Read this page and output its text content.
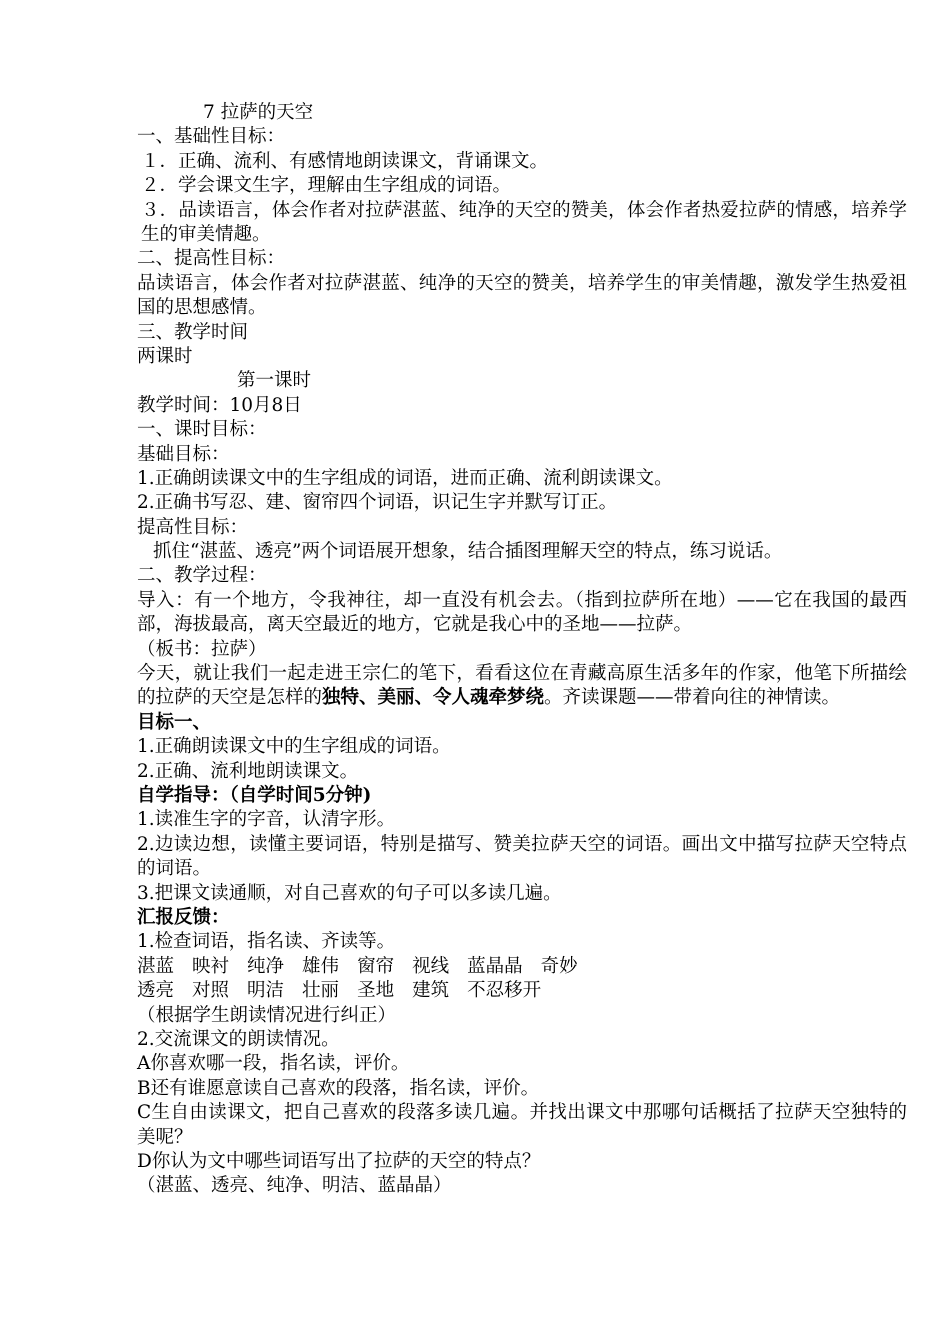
7 拉萨的天空
一、基础性目标：
１．正确、流利、有感情地朗读课文，背诵课文。
２．学会课文生字，理解由生字组成的词语。
３．品读语言，体会作者对拉萨湛蓝、纯净的天空的赞美，体会作者热爱拉萨的情感，培养学生的审美情趣。
二、提高性目标：
品读语言，体会作者对拉萨湛蓝、纯净的天空的赞美，培养学生的审美情趣，激发学生热爱祖国的思想感情。
三、教学时间
两课时
第一课时
教学时间：10月8日
一、课时目标：
基础目标：
1.正确朗读课文中的生字组成的词语，进而正确、流利朗读课文。
2.正确书写忍、建、窗帘四个词语，识记生字并默写订正。
提高性目标：
抓住“湛蓝、透亮”两个词语展开想象，结合插图理解天空的特点，练习说话。
二、教学过程：
导入：有一个地方，令我神往，却一直没有机会去。（指到拉萨所在地）——它在我国的最西部，海拔最高，离天空最近的地方，它就是我心中的圣地——拉萨。
（板书：拉萨）
今天，就让我们一起走进王宗仁的笔下，看看这位在青藏高原生活多年的作家，他笔下所描绘的拉萨的天空是怎样的独特、美丽、令人魂牵梦绕。齐读课题——带着向往的神情读。
目标一、
1.正确朗读课文中的生字组成的词语。
2.正确、流利地朗读课文。
自学指导：（自学时间5分钟)
1.读准生字的字音，认清字形。
2.边读边想，读懂主要词语，特别是描写、赞美拉萨天空的词语。画出文中描写拉萨天空特点的词语。
3.把课文读通顺，对自己喜欢的句子可以多读几遍。
汇报反馈：
1.检查词语，指名读、齐读等。
湛蓝 映衬 纯净 雄伟 窗帘 视线 蓝晶晶 奇妙
透亮 对照 明洁 壮丽 圣地 建筑 不忍移开
（根据学生朗读情况进行纠正）
2.交流课文的朗读情况。
A你喜欢哪一段，指名读，评价。
B还有谁愿意读自己喜欢的段落，指名读，评价。
C生自由读课文，把自己喜欢的段落多读几遍。并找出课文中那哪句话概括了拉萨天空独特的美呢？
D你认为文中哪些词语写出了拉萨的天空的特点？
（湛蓝、透亮、纯净、明洁、蓝晶晶）
